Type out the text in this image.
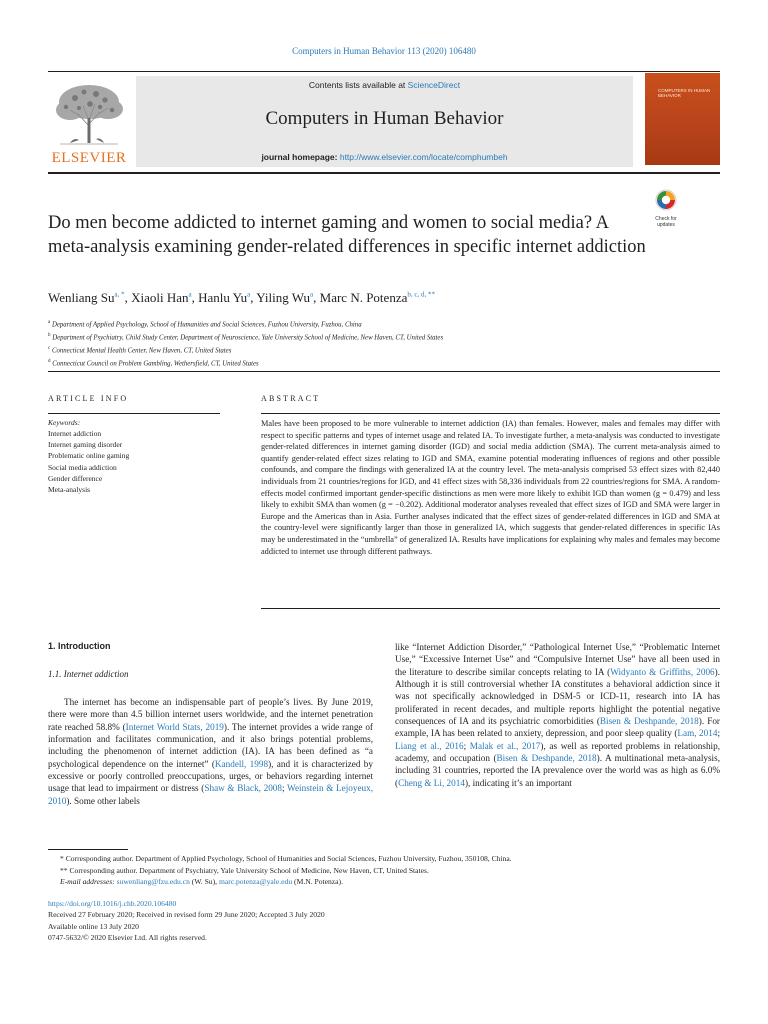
Computers in Human Behavior 113 (2020) 106480
ELSEVIER
Contents lists available at ScienceDirect
Computers in Human Behavior
journal homepage: http://www.elsevier.com/locate/comphumbeh
COMPUTERS IN HUMAN BEHAVIOR
Do men become addicted to internet gaming and women to social media? A meta-analysis examining gender-related differences in specific internet addiction
Check for
updates
Wenliang $Su^{a, *}$, Xiaoli Han$^a$, Hanlu Yu$^a$, Yiling Wu$^a$, Marc N. Potenza$^{b, c, d, **}$
$^a$ Department of Applied Psychology, School of Humanities and Social Sciences, Fuzhou University, Fuzhou, China
$^b$ Department of Psychiatry, Child Study Center, Department of Neuroscience, Yale University School of Medicine, New Haven, CT, United States
$^c$ Connecticut Mental Health Center, New Haven, CT, United States
$^d$ Connecticut Council on Problem Gambling, Wethersfield, CT, United States
ARTICLE INFO
Keywords:
Internet addiction
Internet gaming disorder
Problematic online gaming
Social media addiction
Gender difference
Meta-analysis
ABSTRACT
Males have been proposed to be more vulnerable to internet addiction (IA) than females. However, males and females may differ with respect to specific patterns and types of internet usage and related IA. To investigate further, a meta-analysis was conducted to investigate gender-related differences in internet gaming disorder (IGD) and social media addiction (SMA). The current meta-analysis aimed to quantify gender-related effect sizes relating to IGD and SMA, examine potential moderating influences of regions and other possible confounds, and compare the findings with generalized IA at the country level. The meta-analysis comprised 53 effect sizes with 82,440 individuals from 21 countries/regions for IGD, and 41 effect sizes with 58,336 individuals from 22 countries/regions for SMA. A random-effects model confirmed important gender-specific distinctions as men were more likely to exhibit IGD than women (g = 0.479) and less likely to exhibit SMA than women (g = −0.202). Additional moderator analyses revealed that effect sizes of IGD and SMA were larger in Europe and the Americas than in Asia. Further analyses indicated that the effect sizes of gender-related differences in IGD and SMA at the country-level were significantly larger than those in generalized IA, which suggests that gender-related differences in specific IAs may be underestimated in the “umbrella” of generalized IA. Results have implications for explaining why males and females may become addicted to internet use through different pathways.
1. Introduction
1.1. Internet addiction
The internet has become an indispensable part of people’s lives. By June 2019, there were more than 4.5 billion internet users worldwide, and the internet penetration rate reached 58.8% (Internet World Stats, 2019). The internet provides a wide range of information and facilitates communication, and it also brings potential problems, including the phenomenon of internet addiction (IA). IA has been defined as “a psychological dependence on the internet” (Kandell, 1998), and it is characterized by excessive or poorly controlled preoccupations, urges, or behaviors regarding internet usage that lead to impairment or distress (Shaw & Black, 2008; Weinstein & Lejoyeux, 2010). Some other labels
like “Internet Addiction Disorder,” “Pathological Internet Use,” “Problematic Internet Use,” “Excessive Internet Use” and “Compulsive Internet Use” have all been used in the literature to describe similar concepts relating to IA (Widyanto & Griffiths, 2006). Although it is still controversial whether IA constitutes a behavioral addiction since it was not specifically acknowledged in DSM-5 or ICD-11, research into IA has proliferated in recent decades, and multiple reports highlight the potential negative consequences of IA and its psychiatric comorbidities (Bisen & Deshpande, 2018). For example, IA has been related to anxiety, depression, and poor sleep quality (Lam, 2014; Liang et al., 2016; Malak et al., 2017), as well as reported problems in relationship, academy, and occupation (Bisen & Deshpande, 2018). A multinational meta-analysis, including 31 countries, reported the IA prevalence over the world was as high as 6.0% (Cheng & Li, 2014), indicating it’s an important
* Corresponding author. Department of Applied Psychology, School of Humanities and Social Sciences, Fuzhou University, Fuzhou, 350108, China.
** Corresponding author. Department of Psychiatry, Yale University School of Medicine, New Haven, CT, United States.
E-mail addresses: suwenliang@fzu.edu.cn (W. Su), marc.potenza@yale.edu (M.N. Potenza).
https://doi.org/10.1016/j.chb.2020.106480
Received 27 February 2020; Received in revised form 29 June 2020; Accepted 3 July 2020
Available online 13 July 2020
0747-5632/© 2020 Elsevier Ltd. All rights reserved.
